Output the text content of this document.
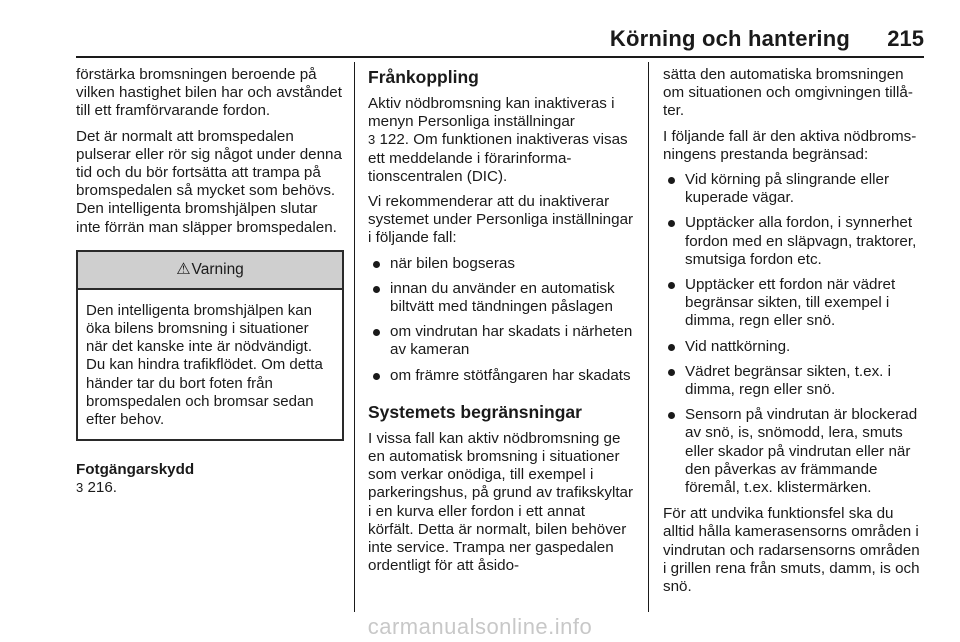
Körning och hantering	215

förstärka bromsningen beroende på vilken hastighet bilen har och avståndet till ett framförvarande fordon.

Det är normalt att bromspedalen pulserar eller rör sig något under denna tid och du bör fortsätta att trampa på bromspedalen så mycket som behövs. Den intelligenta bromshjälpen slutar inte förrän man släpper bromspedalen.

⚠ Varning
Den intelligenta bromshjälpen kan öka bilens bromsning i situationer när det kanske inte är nödvändigt. Du kan hindra trafikflödet. Om detta händer tar du bort foten från bromspedalen och bromsar sedan efter behov.
Fotgängarskydd
3 216.
Frånkoppling

Aktiv nödbromsning kan inaktiveras i menyn Personliga inställningar
3 122. Om funktionen inaktiveras visas ett meddelande i förarinformationscentralen (DIC).

Vi rekommenderar att du inaktiverar systemet under Personliga inställningar i följande fall:

när bilen bogseras
innan du använder en automatisk biltvätt med tändningen påslagen
om vindrutan har skadats i närheten av kameran
om främre stötfångaren har skadats
Systemets begränsningar

I vissa fall kan aktiv nödbromsning ge en automatisk bromsning i situationer som verkar onödiga, till exempel i parkeringshus, på grund av trafikskyltar i en kurva eller fordon i ett annat körfält. Detta är normalt, bilen behöver inte service. Trampa ner gaspedalen ordentligt för att åsido-

sätta den automatiska bromsningen om situationen och omgivningen tillåter.

I följande fall är den aktiva nödbromsningens prestanda begränsad:

Vid körning på slingrande eller kuperade vägar.
Upptäcker alla fordon, i synnerhet fordon med en släpvagn, traktorer, smutsiga fordon etc.
Upptäcker ett fordon när vädret begränsar sikten, till exempel i dimma, regn eller snö.
Vid nattkörning.
Vädret begränsar sikten, t.ex. i dimma, regn eller snö.
Sensorn på vindrutan är blockerad av snö, is, snömodd, lera, smuts eller skador på vindrutan eller när den påverkas av främmande föremål, t.ex. klistermärken.

För att undvika funktionsfel ska du alltid hålla kamerasensorns områden i vindrutan och radarsensorns områden i grillen rena från smuts, damm, is och snö.

carmanualsonline.info
